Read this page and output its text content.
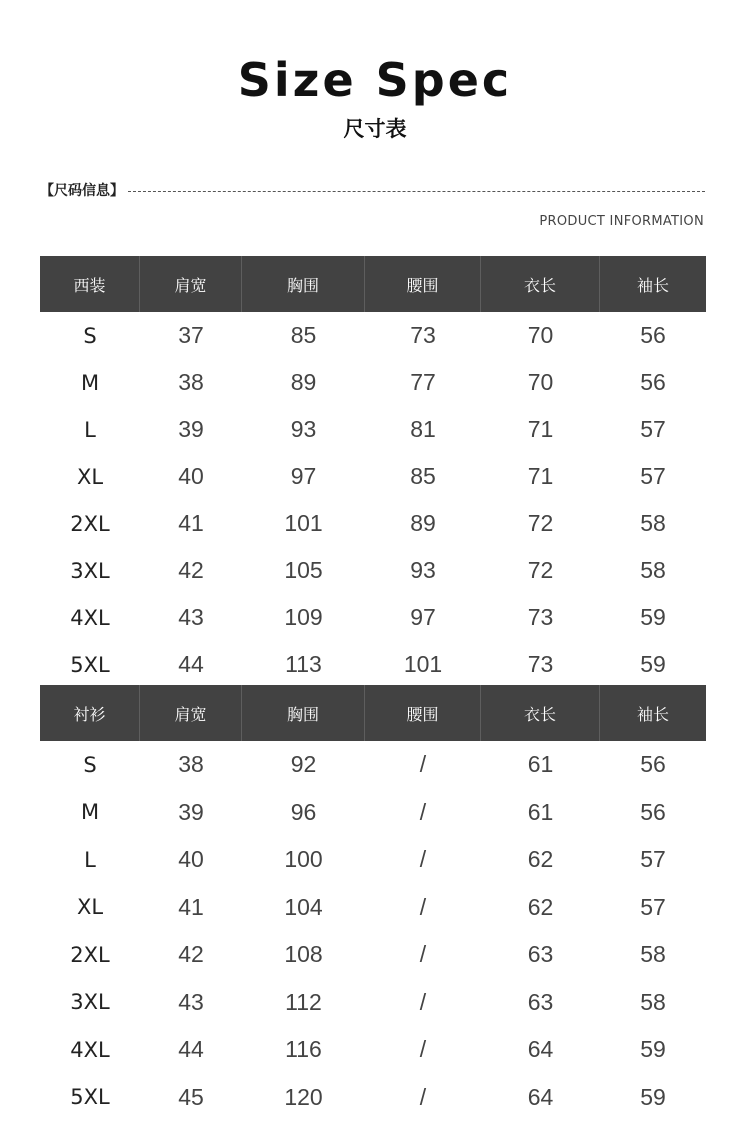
Size Spec
尺寸表
【尺码信息】
PRODUCT INFORMATION
西装	肩宽	胸围	腰围	衣长	袖长
S	37	85	73	70	56
M	38	89	77	70	56
L	39	93	81	71	57
XL	40	97	85	71	57
2XL	41	101	89	72	58
3XL	42	105	93	72	58
4XL	43	109	97	73	59
5XL	44	113	101	73	59
衬衫	肩宽	胸围	腰围	衣长	袖长
S	38	92	/	61	56
M	39	96	/	61	56
L	40	100	/	62	57
XL	41	104	/	62	57
2XL	42	108	/	63	58
3XL	43	112	/	63	58
4XL	44	116	/	64	59
5XL	45	120	/	64	59
